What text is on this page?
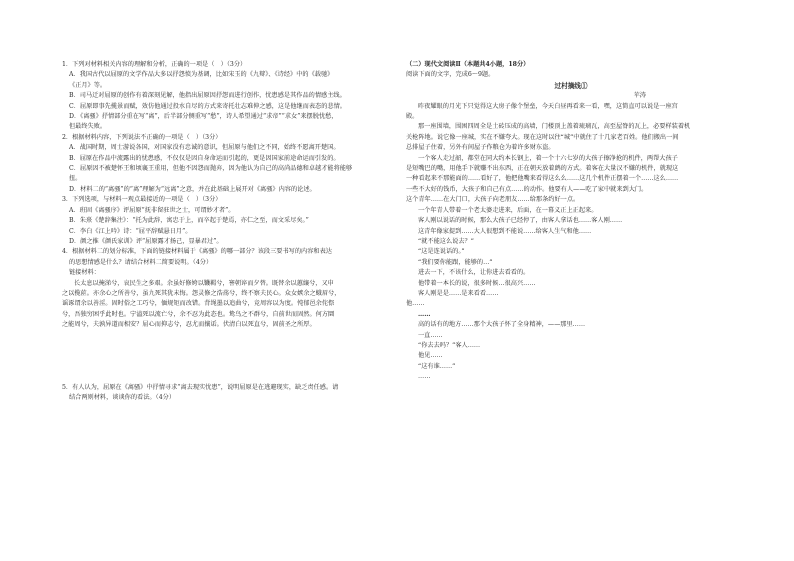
1．下列对材料相关内容的理解和分析，正确的一项是（　）（3分）

A．我国古代以屈原的文学作品大多以抒怨愤为基调，比如宋玉的《九辩》、《诗经》中的《载驰》

《正月》等。

B．司马迁对屈原的创作有着深刻见解，他指出屈原因抒怨而进行创作，忧患感是其作品的情感主线。

C．屈原即事先揽景而赋，效仿他通过投水自尽的方式来寄托壮志难伸之感，这是他继而表态的悲情。

D．《离骚》抒情部分重在写“离”，后半部分侧重写“愁”，诗人希望通过“求帝”“求女”来摆脱忧愁，

但最终失败。

2．根据材料内容，下列说法不正确的一项是（　）（3分）

A．战国时期，周士游说各国，对国家没有忠诚的意识，但屈原与他们之不同，始终不愿离开楚国。

B．屈原在作品中流露出的忧患感，不仅仅是因自身命运而引起的，更是因国家前途命运而引发的。

C．屈原因不被楚怀王和顷襄王重用，但他不因怨而抛弃，因为他认为自己的高尚品德和卓越才能将能够

扭。

D．材料二的“离骚”的“离”理解为“远离”之意，并在此基础上展开对《离骚》内容的论述。

3．下列选项，与材料一观点最接近的一项是（　）（3分）

A．班固《离骚序》评屈原“抚非留驻世之士，可谓妙才者”。

B．朱熹《楚辞集注》：“托为此辞，寓忠于上，而卒起于楚焉，亦仁之至，而文采尽矣。”

C．李白《江上吟》诗：“屈平辞赋悬日月”。

D．颜之推《颜氏家训》评“屈原露才扬己，显暴君过”。

4．根据材料二的划分标准，下面的链接材料属于《离骚》的哪一部分？该段三要书写的内容和表达

的思想情感是什么？请结合材料二简要说明。（4分）

链接材料：

长太息以掩涕兮，哀民生之多艰。余虽好修姱以鞿羁兮，謇朝谇而夕替。既替余以蕙纕兮，又申

之以揽茝。亦余心之所善兮，虽九死其犹未悔。怨灵修之浩荡兮，终不察夫民心。众女嫉余之蛾眉兮，

谣诼谓余以善淫。固时俗之工巧兮，偭规矩而改错。背绳墨以追曲兮，竞周容以为度。忳郁邑余侘傺

兮，吾独穷困乎此时也。宁溘死以流亡兮，余不忍为此态也。鸷鸟之不群兮，自前世而固然。何方圜

之能周兮，夫孰异道而相安？屈心而抑志兮，忍尤而攘诟。伏清白以死直兮，固前圣之所厚。

5．有人认为，屈原在《离骚》中抒情寻求“离去现实忧患”，说明屈原是在逃避现实，缺乏责任感。请

结合两则材料，谈谈你的看法。（4分）

（二）现代文阅读Ⅱ（本题共4小题，18分）

阅读下面的文字，完成6～9题。

过村摘线①

苹涛

昨夜耀眼的月光下只觉得这大房子像个堡垒，今天白昼再看来一看，嘿，这简直可以说是一座宫

殿。

那一座围墙，围困四周全是土砖压成的高墙，门楼顶上盖着琉璃瓦，高至屋脊的瓦上，必要样装着机

关枪阵地。说它像一座城，实在不嫌夸大。现在这时以往“城”中就住了十几家老百姓。他们搬出一间

总排屋子住着，另外有间屋子作粮仓为着许多财东盗。

一个客人走过韶，都堂在同大约本长钢上，着一个十六七岁的大孩子擦净抢的机件，两帮大孩子

是短嘴巴的嘴，用他手下就赚不出东西，正在朝天放着鹧的方式。着客在大量汉不嫌的机件，就现这

一种看起来不那能面的……看好了，他把他嘴来看得这么么……这几个机件正摆着一个……这么……

一些不大好的钱币，大孩子和自己有点……的动作。他要有人——吃了家中就来到大门。

这个青年……在大门口，大孩子向老朋友……给那条约好一点。

一个年青人带着一个老太婆走进来，后面，在一幕义正上正起来。

客人刚以说话的时候，那么大孩子已经停了，由客人拿话也……客人刚……

这青年像家提到……大人很想到不能说……给客人生气和他……

“就不能这么说去？”

“这是连说话的。”

“我们要你能跟，能够的…”

进去一下，不该什么，让你进去看看的。

他带着一本长的说，很多时候…很高兴……

客人刚是是……是来看看……

他……

……

高的话有的地方……那个大孩子怀了全身精神，——那里……

一直……

“你去去吗？”客人……

他见……

“这有谁……”

……
